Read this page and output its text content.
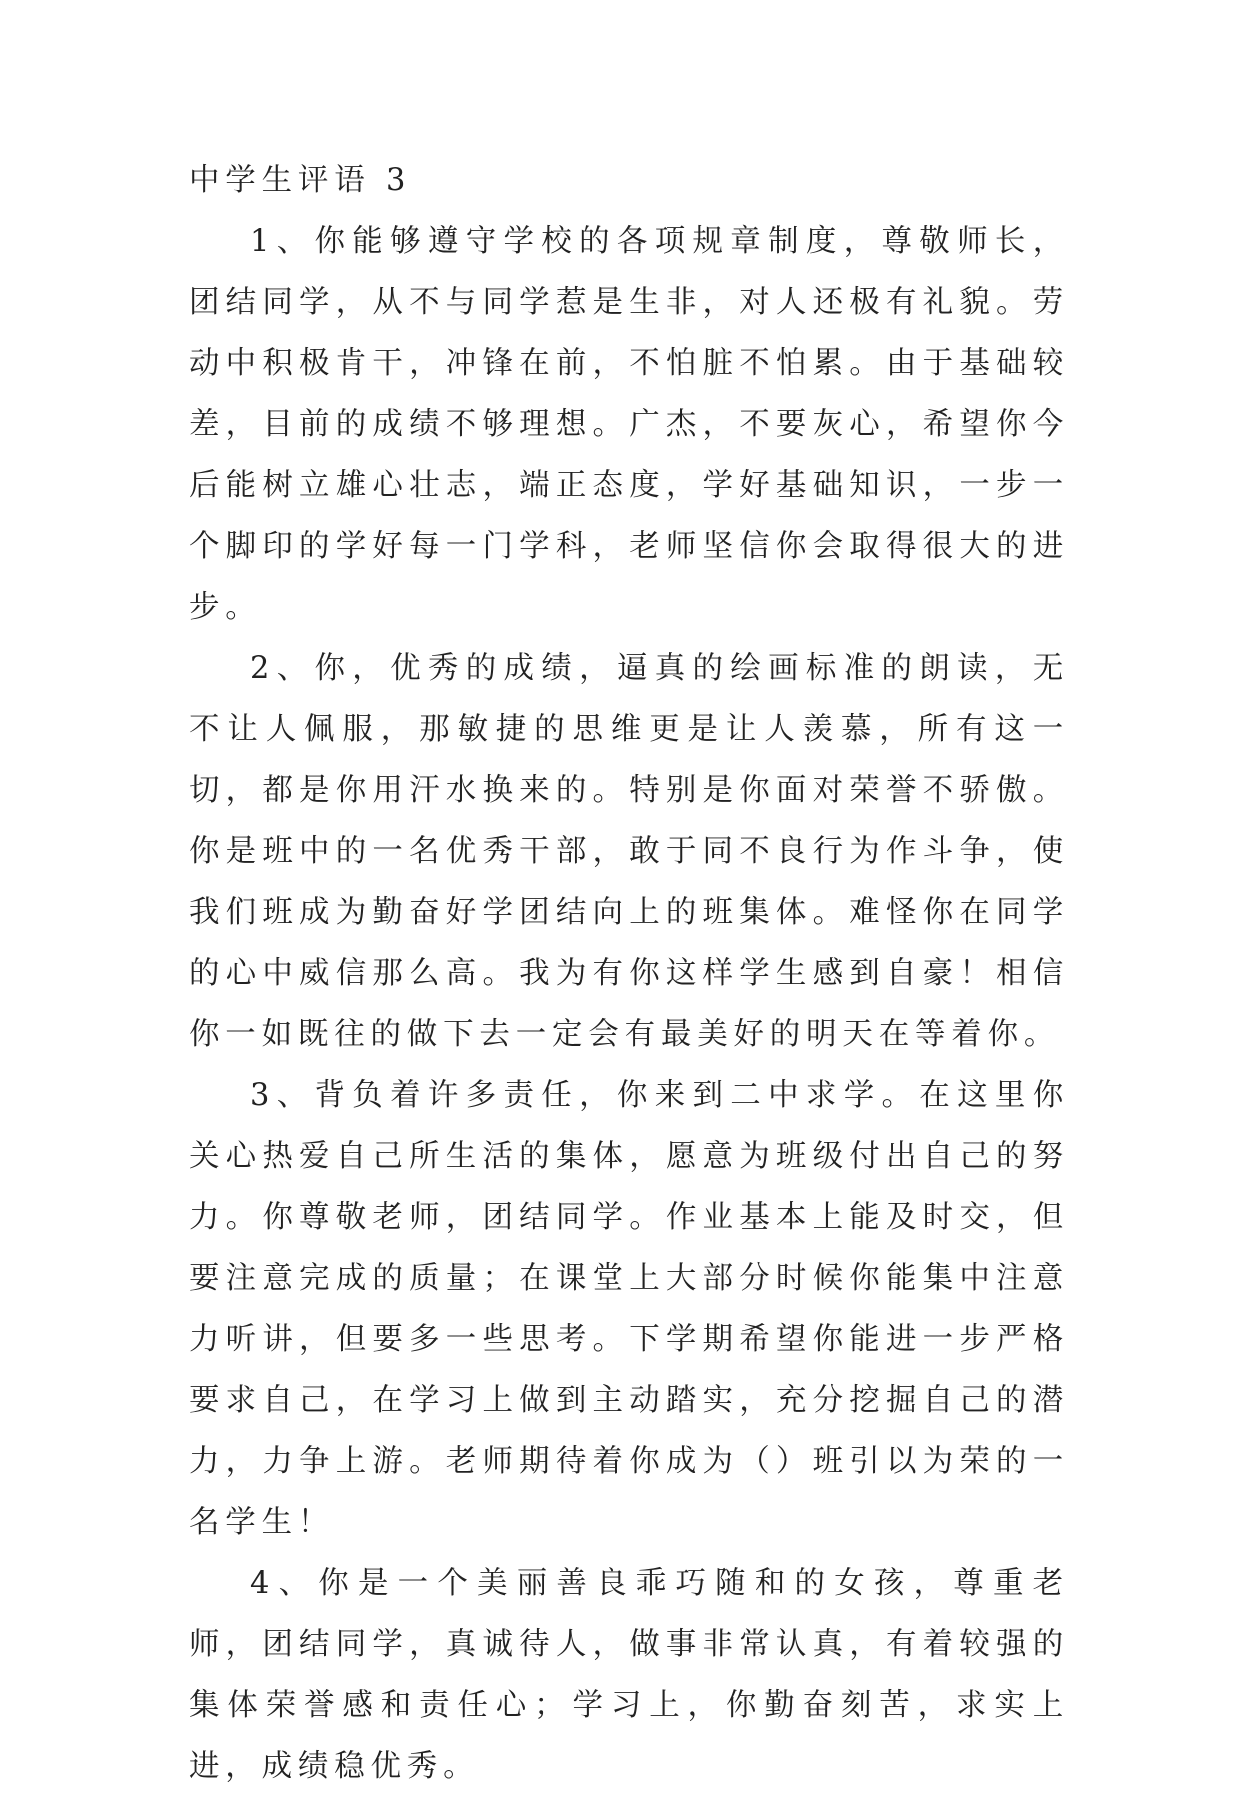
中学生评语 3

1、你能够遵守学校的各项规章制度，尊敬师长，团结同学，从不与同学惹是生非，对人还极有礼貌。劳动中积极肯干，冲锋在前，不怕脏不怕累。由于基础较差，目前的成绩不够理想。广杰，不要灰心，希望你今后能树立雄心壮志，端正态度，学好基础知识，一步一个脚印的学好每一门学科，老师坚信你会取得很大的进步。

2、你，优秀的成绩，逼真的绘画标准的朗读，无不让人佩服，那敏捷的思维更是让人羡慕，所有这一切，都是你用汗水换来的。特别是你面对荣誉不骄傲。你是班中的一名优秀干部，敢于同不良行为作斗争，使我们班成为勤奋好学团结向上的班集体。难怪你在同学的心中威信那么高。我为有你这样学生感到自豪！相信你一如既往的做下去一定会有最美好的明天在等着你。

3、背负着许多责任，你来到二中求学。在这里你关心热爱自己所生活的集体，愿意为班级付出自己的努力。你尊敬老师，团结同学。作业基本上能及时交，但要注意完成的质量；在课堂上大部分时候你能集中注意力听讲，但要多一些思考。下学期希望你能进一步严格要求自己，在学习上做到主动踏实，充分挖掘自己的潜力，力争上游。老师期待着你成为（）班引以为荣的一名学生！

4、你是一个美丽善良乖巧随和的女孩，尊重老师，团结同学，真诚待人，做事非常认真，有着较强的集体荣誉感和责任心；学习上，你勤奋刻苦，求实上进，成绩稳优秀。
